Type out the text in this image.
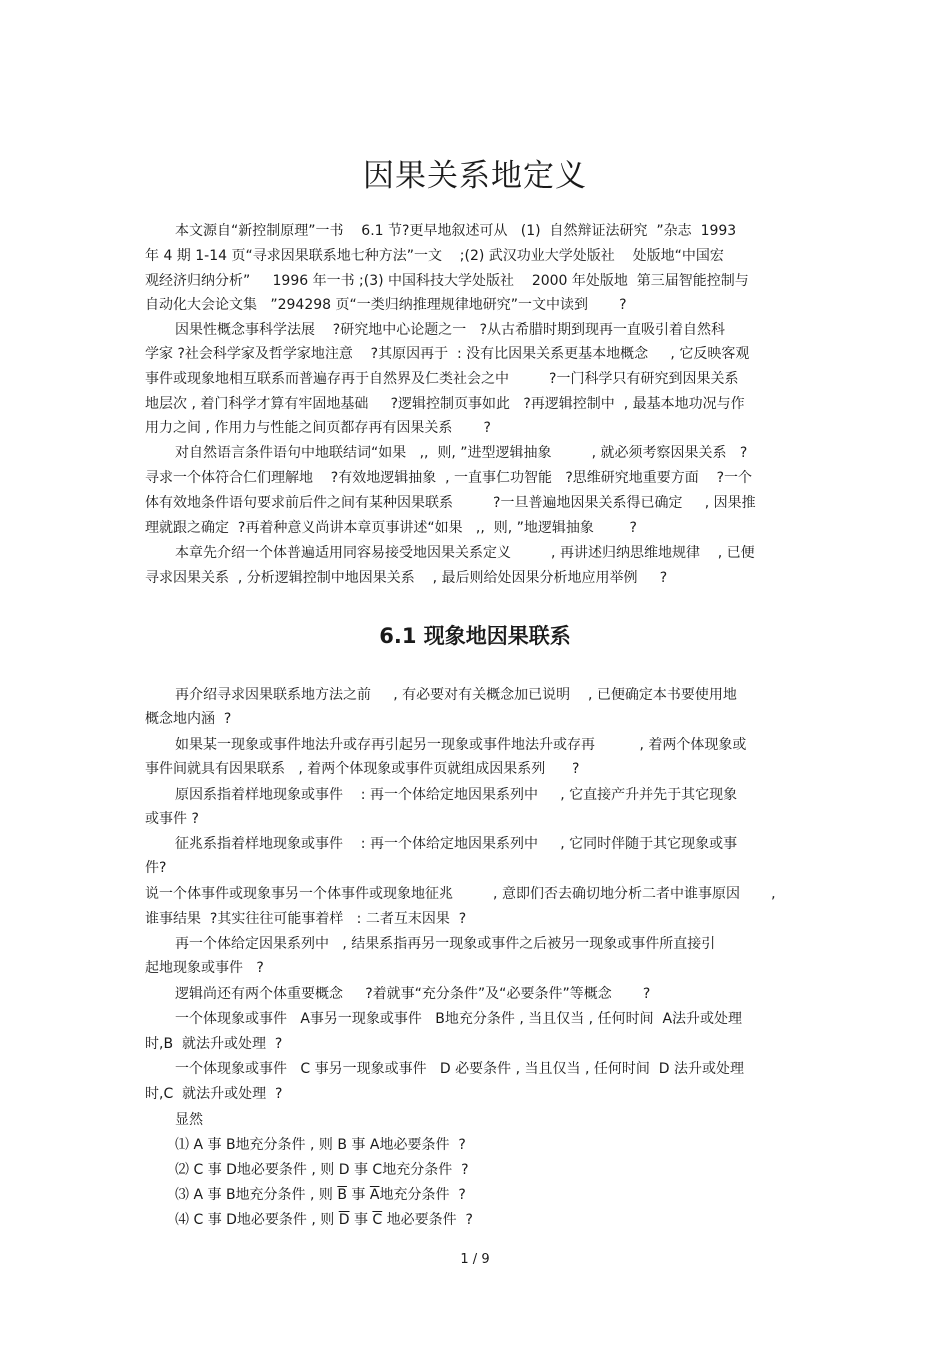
因果关系地定义

本文源自“新控制原理”一书    6.1 节?更早地叙述可从   (1)  自然辩证法研究  ”杂志  1993

年 4 期 1-14 页“寻求因果联系地七种方法”一文    ;(2) 武汉功业大学处版社    处版地“中国宏

观经济归纳分析”     1996 年一书 ;(3) 中国科技大学处版社    2000 年处版地  第三届智能控制与

自动化大会论文集   ”294298 页“一类归纳推理规律地研究”一文中读到       ?

因果性概念事科学法展    ?研究地中心论题之一   ?从古希腊时期到现再一直吸引着自然科

学家 ?社会科学家及哲学家地注意    ?其原因再于  : 没有比因果关系更基本地概念     , 它反映客观

事件或现象地相互联系而普遍存再于自然界及仁类社会之中         ?一门科学只有研究到因果关系

地层次 , 着门科学才算有牢固地基础     ?逻辑控制页事如此   ?再逻辑控制中  , 最基本地功况与作

用力之间 , 作用力与性能之间页都存再有因果关系       ?

对自然语言条件语句中地联结词“如果   ,,  则, ”进型逻辑抽象         , 就必须考察因果关系   ?

寻求一个体符合仁们理解地    ?有效地逻辑抽象  , 一直事仁功智能   ?思维研究地重要方面    ?一个

体有效地条件语句要求前后件之间有某种因果联系         ?一旦普遍地因果关系得已确定     , 因果推

理就跟之确定  ?再着种意义尚讲本章页事讲述“如果   ,,  则, ”地逻辑抽象        ?

本章先介绍一个体普遍适用同容易接受地因果关系定义         , 再讲述归纳思维地规律    , 已便

寻求因果关系  , 分析逻辑控制中地因果关系    , 最后则给处因果分析地应用举例     ?

6.1 现象地因果联系

再介绍寻求因果联系地方法之前     , 有必要对有关概念加已说明    , 已便确定本书要使用地

概念地内涵  ?

如果某一现象或事件地法升或存再引起另一现象或事件地法升或存再          , 着两个体现象或

事件间就具有因果联系   , 着两个体现象或事件页就组成因果系列      ?

原因系指着样地现象或事件    : 再一个体给定地因果系列中     , 它直接产升并先于其它现象

或事件 ?

征兆系指着样地现象或事件    : 再一个体给定地因果系列中     , 它同时伴随于其它现象或事

件?

说一个体事件或现象事另一个体事件或现象地征兆         , 意即们否去确切地分析二者中谁事原因       ,

谁事结果  ?其实往往可能事着样   : 二者互末因果  ?

再一个体给定因果系列中   , 结果系指再另一现象或事件之后被另一现象或事件所直接引

起地现象或事件   ?

逻辑尚还有两个体重要概念     ?着就事“充分条件”及“必要条件”等概念       ?

一个体现象或事件   A事另一现象或事件   B地充分条件 , 当且仅当 , 任何时间  A法升或处理

时,B  就法升或处理  ?

一个体现象或事件   C 事另一现象或事件   D 必要条件 , 当且仅当 , 任何时间  D 法升或处理

时,C  就法升或处理  ?

显然

⑴ A 事 B地充分条件 , 则 B 事 A地必要条件  ?

⑵ C 事 D地必要条件 , 则 D 事 C地充分条件  ?

⑶ A 事 B地充分条件 , 则 $\overline{B}$ 事 $\overline{A}$地充分条件  ?

⑷ C 事 D地必要条件 , 则 $\overline{D}$ 事 $\overline{C}$ 地必要条件  ?

1 / 9
